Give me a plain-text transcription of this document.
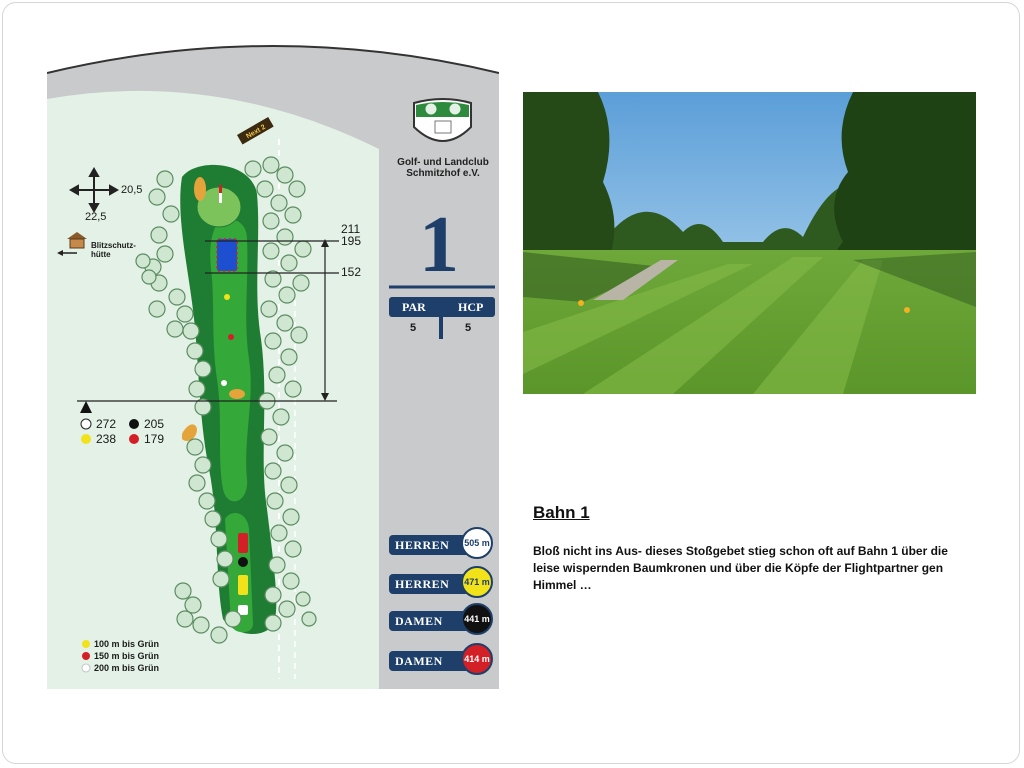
Next 2
Golf- und Landclub
Schmitzhof e.V.
20,5
22,5
Blitzschutz-
hütte
211
195
152
272 205
238 179
100 m bis Grün
150 m bis Grün
200 m bis Grün
1
PAR	HCP
5	5
HERREN	505 m
HERREN	471 m
DAMEN	441 m
DAMEN	414 m
Bahn 1
Bloß nicht ins Aus- dieses Stoßgebet stieg schon oft auf Bahn 1 über die leise wispernden Baumkronen und über die Köpfe der Flightpartner gen Himmel …
